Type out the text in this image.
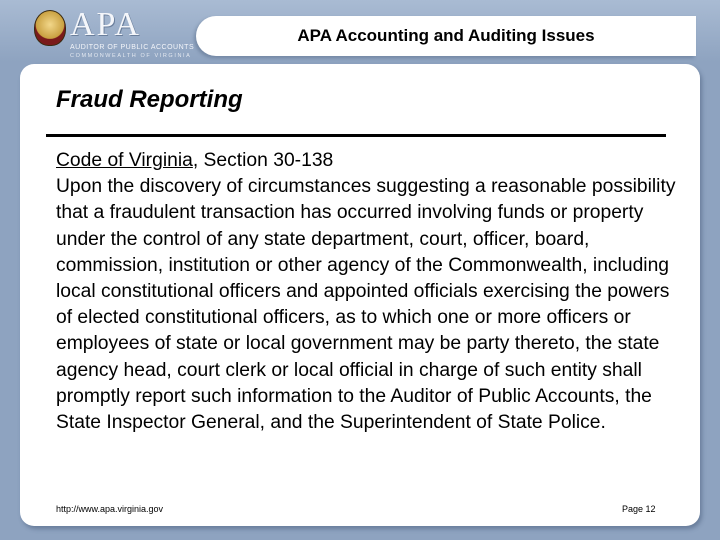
APA
AUDITOR OF PUBLIC ACCOUNTS
COMMONWEALTH OF VIRGINIA
APA Accounting and Auditing Issues
Fraud Reporting

Code of Virginia, Section 30-138

Upon the discovery of circumstances suggesting a reasonable possibility that a fraudulent transaction has occurred involving funds or property under the control of any state department, court, officer, board, commission, institution or other agency of the Commonwealth, including local constitutional officers and appointed officials exercising the powers of elected constitutional officers, as to which one or more officers or employees of state or local government may be party thereto, the state agency head, court clerk or local official in charge of such entity shall promptly report such information to the Auditor of Public Accounts, the State Inspector General, and the Superintendent of State Police.

http://www.apa.virginia.gov	Page 12
